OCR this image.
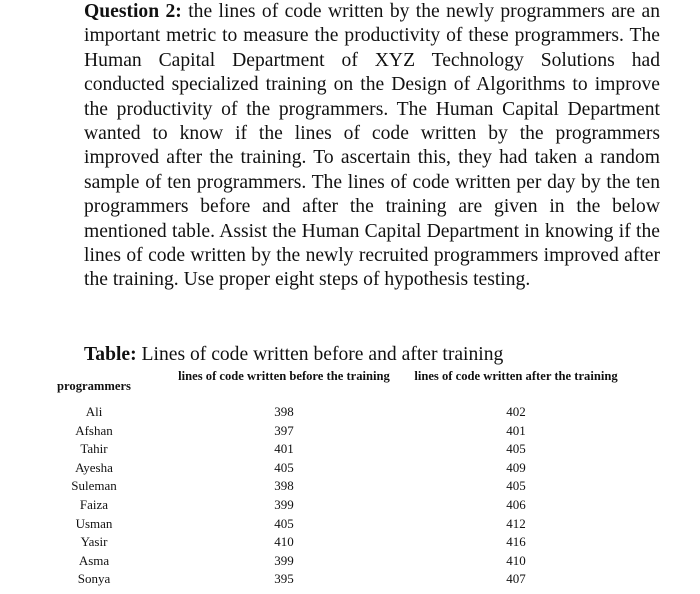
Question 2: the lines of code written by the newly programmers are an important metric to measure the productivity of these programmers. The Human Capital Department of XYZ Technology Solutions had conducted specialized training on the Design of Algorithms to improve the productivity of the programmers. The Human Capital Department wanted to know if the lines of code written by the programmers improved after the training. To ascertain this, they had taken a random sample of ten programmers. The lines of code written per day by the ten programmers before and after the training are given in the below mentioned table. Assist the Human Capital Department in knowing if the lines of code written by the newly recruited programmers improved after the training. Use proper eight steps of hypothesis testing.
Table: Lines of code written before and after training
programmers	lines of code written before the training	lines of code written after the training
Ali	398	402
Afshan	397	401
Tahir	401	405
Ayesha	405	409
Suleman	398	405
Faiza	399	406
Usman	405	412
Yasir	410	416
Asma	399	410
Sonya	395	407
